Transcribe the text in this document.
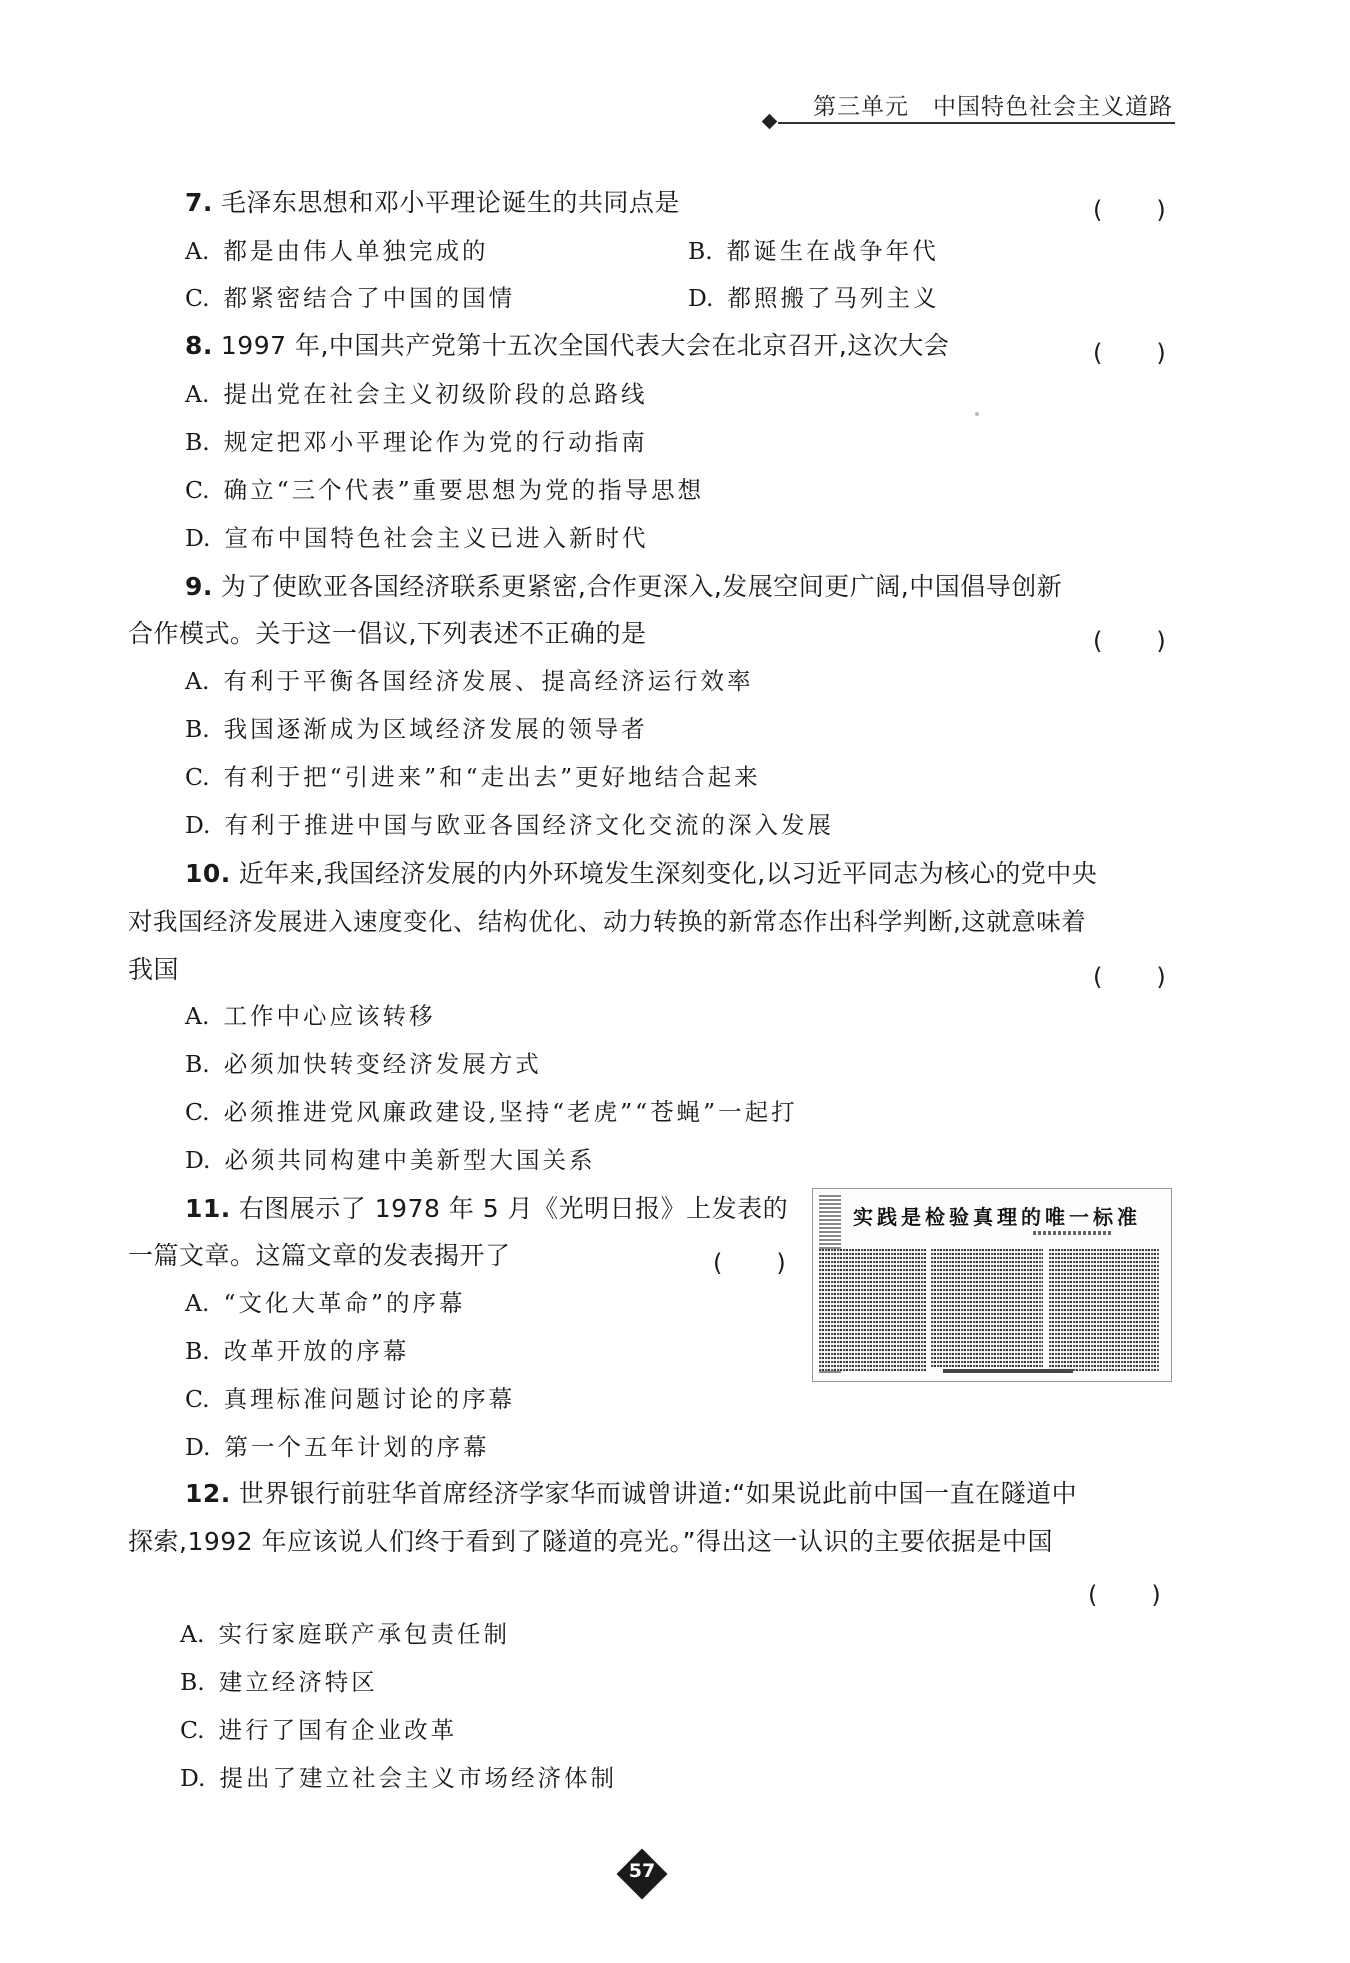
第三单元　中国特色社会主义道路
7. 毛泽东思想和邓小平理论诞生的共同点是	(　　)
A. 都是由伟人单独完成的	B. 都诞生在战争年代
C. 都紧密结合了中国的国情	D. 都照搬了马列主义
8. 1997 年,中国共产党第十五次全国代表大会在北京召开,这次大会	(　　)
A. 提出党在社会主义初级阶段的总路线
B. 规定把邓小平理论作为党的行动指南
C. 确立“三个代表”重要思想为党的指导思想
D. 宣布中国特色社会主义已进入新时代
9. 为了使欧亚各国经济联系更紧密,合作更深入,发展空间更广阔,中国倡导创新
合作模式。关于这一倡议,下列表述不正确的是	(　　)
A. 有利于平衡各国经济发展、提高经济运行效率
B. 我国逐渐成为区域经济发展的领导者
C. 有利于把“引进来”和“走出去”更好地结合起来
D. 有利于推进中国与欧亚各国经济文化交流的深入发展
10. 近年来,我国经济发展的内外环境发生深刻变化,以习近平同志为核心的党中央
对我国经济发展进入速度变化、结构优化、动力转换的新常态作出科学判断,这就意味着
我国	(　　)
A. 工作中心应该转移
B. 必须加快转变经济发展方式
C. 必须推进党风廉政建设,坚持“老虎”“苍蝇”一起打
D. 必须共同构建中美新型大国关系
11. 右图展示了 1978 年 5 月《光明日报》上发表的
一篇文章。这篇文章的发表揭开了	(　　)
A. “文化大革命”的序幕
B. 改革开放的序幕
C. 真理标准问题讨论的序幕
D. 第一个五年计划的序幕
实践是检验真理的唯一标准
12. 世界银行前驻华首席经济学家华而诚曾讲道:“如果说此前中国一直在隧道中
探索,1992 年应该说人们终于看到了隧道的亮光。”得出这一认识的主要依据是中国
(　　)
A. 实行家庭联产承包责任制
B. 建立经济特区
C. 进行了国有企业改革
D. 提出了建立社会主义市场经济体制
57
